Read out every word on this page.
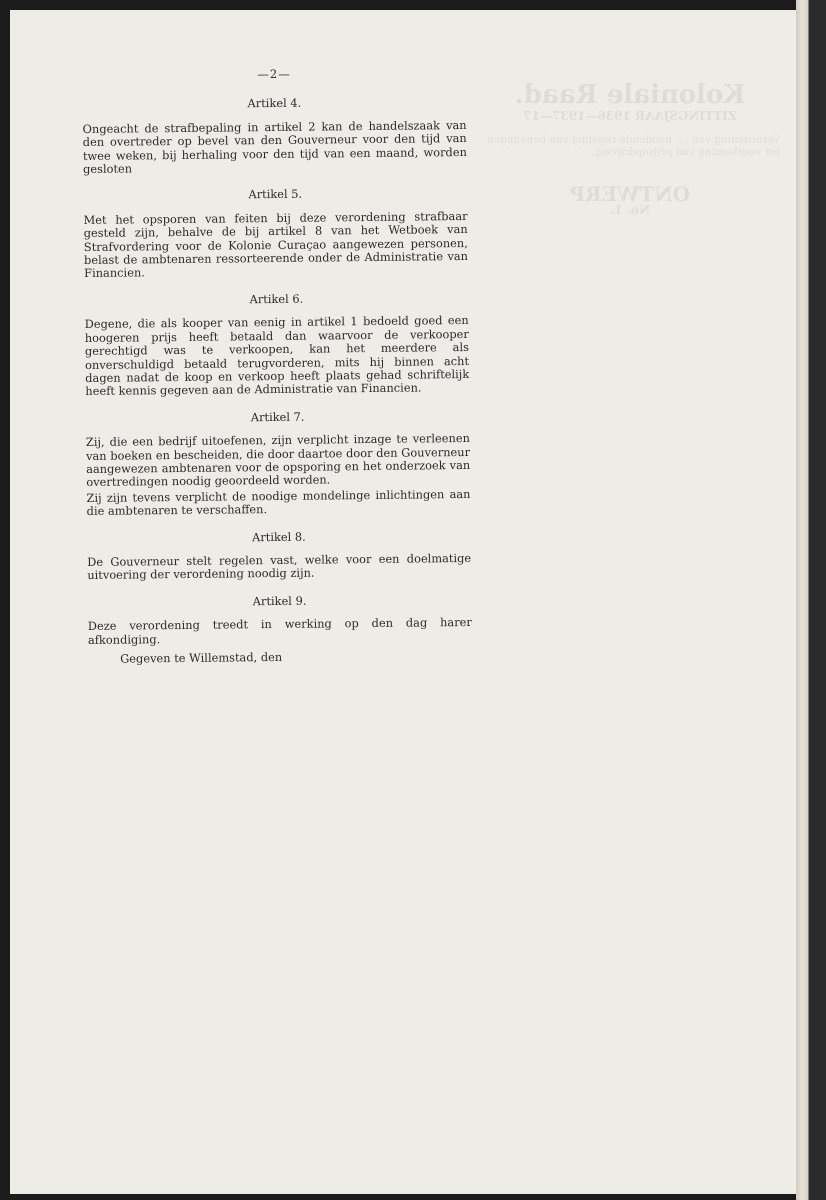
Koloniale Raad.
ZITTINGSJAAR 1936—1937—17

Verordening van .... houdende regeling van bepalingen ter voorkoming van prijsopdrijving.

ONTWERP
No. 1.
—2—
Artikel 4.

Ongeacht de strafbepaling in artikel 2 kan de handelszaak van den overtreder op bevel van den Gouverneur voor den tijd van twee weken, bij herhaling voor den tijd van een maand, worden gesloten

Artikel 5.

Met het opsporen van feiten bij deze verordening strafbaar gesteld zijn, behalve de bij artikel 8 van het Wetboek van Strafvordering voor de Kolonie Curaçao aangewezen personen, belast de ambtenaren ressorteerende onder de Administratie van Financien.

Artikel 6.

Degene, die als kooper van eenig in artikel 1 bedoeld goed een hoogeren prijs heeft betaald dan waarvoor de verkooper gerechtigd was te verkoopen, kan het meerdere als onverschuldigd betaald terugvorderen, mits hij binnen acht dagen nadat de koop en verkoop heeft plaats gehad schriftelijk heeft kennis gegeven aan de Administratie van Financien.

Artikel 7.

Zij, die een bedrijf uitoefenen, zijn verplicht inzage te verleenen van boeken en bescheiden, die door daartoe door den Gouverneur aangewezen ambtenaren voor de opsporing en het onderzoek van overtredingen noodig geoordeeld worden.

Zij zijn tevens verplicht de noodige mondelinge inlichtingen aan die ambtenaren te verschaffen.

Artikel 8.

De Gouverneur stelt regelen vast, welke voor een doelmatige uitvoering der verordening noodig zijn.

Artikel 9.

Deze verordening treedt in werking op den dag harer afkondiging.

Gegeven te Willemstad, den
